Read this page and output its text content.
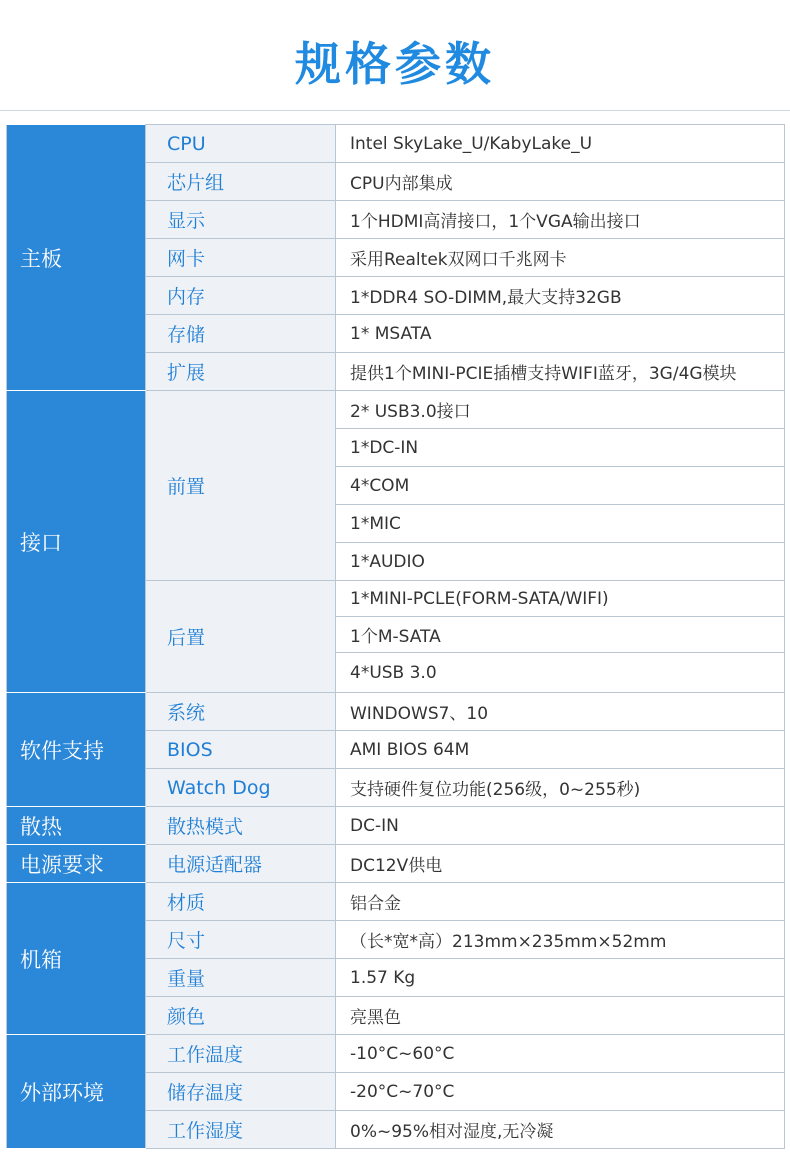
规格参数
主板	CPU	Intel SkyLake_U/KabyLake_U
	芯片组	CPU内部集成
	显示	1个HDMI高清接口，1个VGA输出接口
	网卡	采用Realtek双网口千兆网卡
	内存	1*DDR4 SO-DIMM,最大支持32GB
	存储	1* MSATA
	扩展	提供1个MINI-PCIE插槽支持WIFI蓝牙，3G/4G模块
接口	前置	2* USB3.0接口
		1*DC-IN
		4*COM
		1*MIC
		1*AUDIO
	后置	1*MINI-PCLE(FORM-SATA/WIFI)
		1个M-SATA
		4*USB 3.0
软件支持	系统	WINDOWS7、10
	BIOS	AMI BIOS 64M
	Watch Dog	支持硬件复位功能(256级，0~255秒)
散热	散热模式	DC-IN
电源要求	电源适配器	DC12V供电
机箱	材质	铝合金
	尺寸	（长*宽*高）213mm×235mm×52mm
	重量	1.57 Kg
	颜色	亮黑色
外部环境	工作温度	-10°C~60°C
	储存温度	-20°C~70°C
	工作湿度	0%~95%相对湿度,无冷凝
